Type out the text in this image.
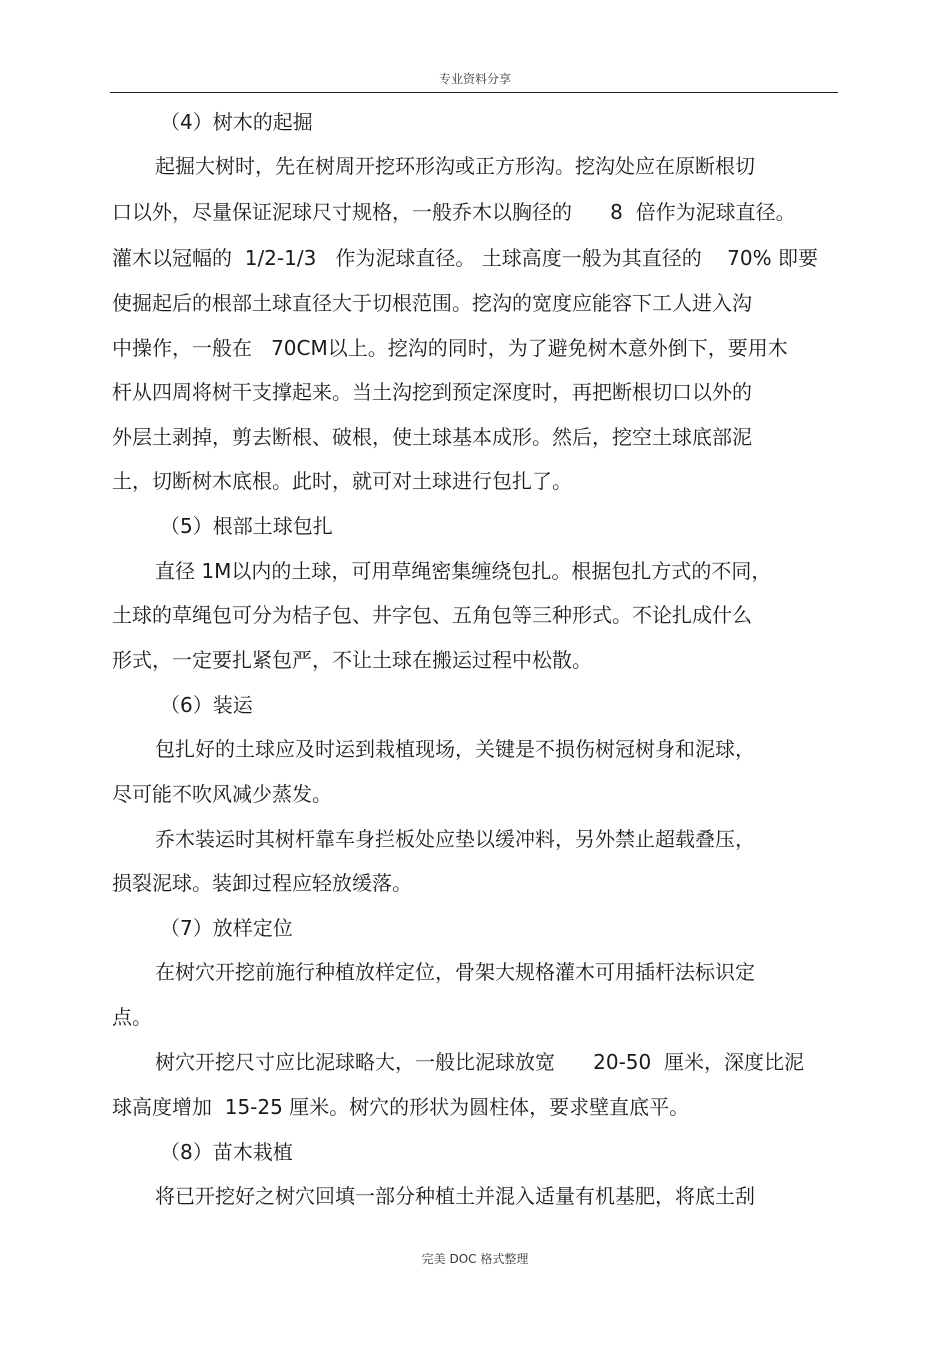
专业资料分享
（4）树木的起掘
起掘大树时，先在树周开挖环形沟或正方形沟。挖沟处应在原断根切
口以外，尽量保证泥球尺寸规格，一般乔木以胸径的      8  倍作为泥球直径。
灌木以冠幅的  1/2-1/3   作为泥球直径。 土球高度一般为其直径的    70% 即要
使掘起后的根部土球直径大于切根范围。挖沟的宽度应能容下工人进入沟
中操作，一般在   70CM以上。挖沟的同时，为了避免树木意外倒下，要用木
杆从四周将树干支撑起来。当土沟挖到预定深度时，再把断根切口以外的
外层土剥掉，剪去断根、破根，使土球基本成形。然后，挖空土球底部泥
土，切断树木底根。此时，就可对土球进行包扎了。
（5）根部土球包扎
直径 1M以内的土球，可用草绳密集缠绕包扎。根据包扎方式的不同，
土球的草绳包可分为桔子包、井字包、五角包等三种形式。不论扎成什么
形式，一定要扎紧包严，不让土球在搬运过程中松散。
（6）装运
包扎好的土球应及时运到栽植现场，关键是不损伤树冠树身和泥球，
尽可能不吹风减少蒸发。
乔木装运时其树杆靠车身拦板处应垫以缓冲料，另外禁止超载叠压，
损裂泥球。装卸过程应轻放缓落。
（7）放样定位
在树穴开挖前施行种植放样定位，骨架大规格灌木可用插杆法标识定
点。
树穴开挖尺寸应比泥球略大，一般比泥球放宽      20-50  厘米，深度比泥
球高度增加  15-25 厘米。树穴的形状为圆柱体，要求壁直底平。
（8）苗木栽植
将已开挖好之树穴回填一部分种植土并混入适量有机基肥，将底土刮
完美 DOC 格式整理
